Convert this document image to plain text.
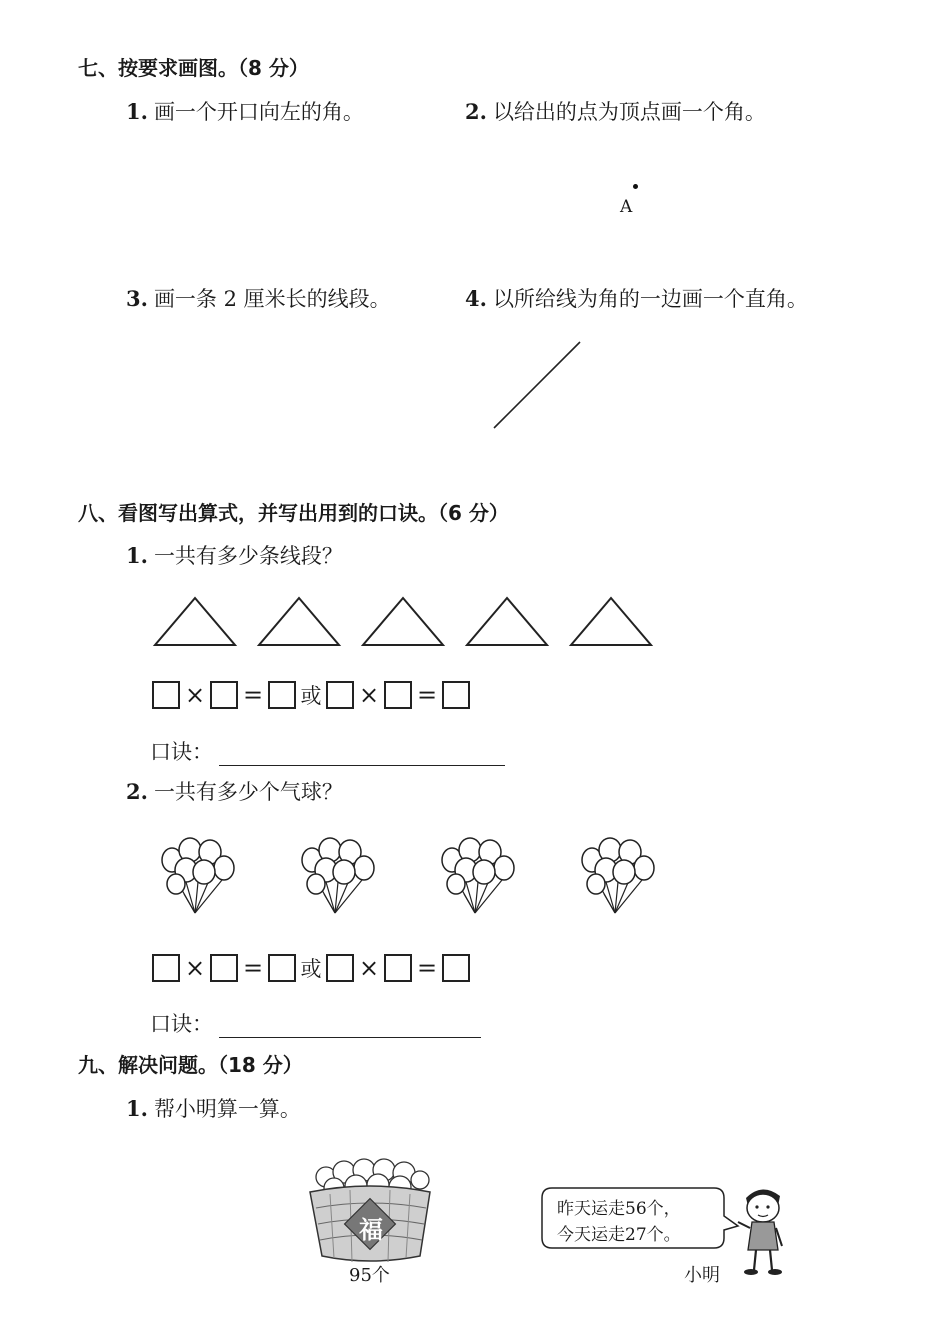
七、按要求画图。（8 分）
1. 画一个开口向左的角。	2. 以给出的点为顶点画一个角。
A
3. 画一条 2 厘米长的线段。	4. 以所给线为角的一边画一个直角。
八、看图写出算式，并写出用到的口诀。（6 分）
1. 一共有多少条线段？
× = 或 × =
口诀：
2. 一共有多少个气球？
× = 或 × =
口诀：
九、解决问题。（18 分）
1. 帮小明算一算。
福
95个
昨天运走56个，
今天运走27个。
小明
